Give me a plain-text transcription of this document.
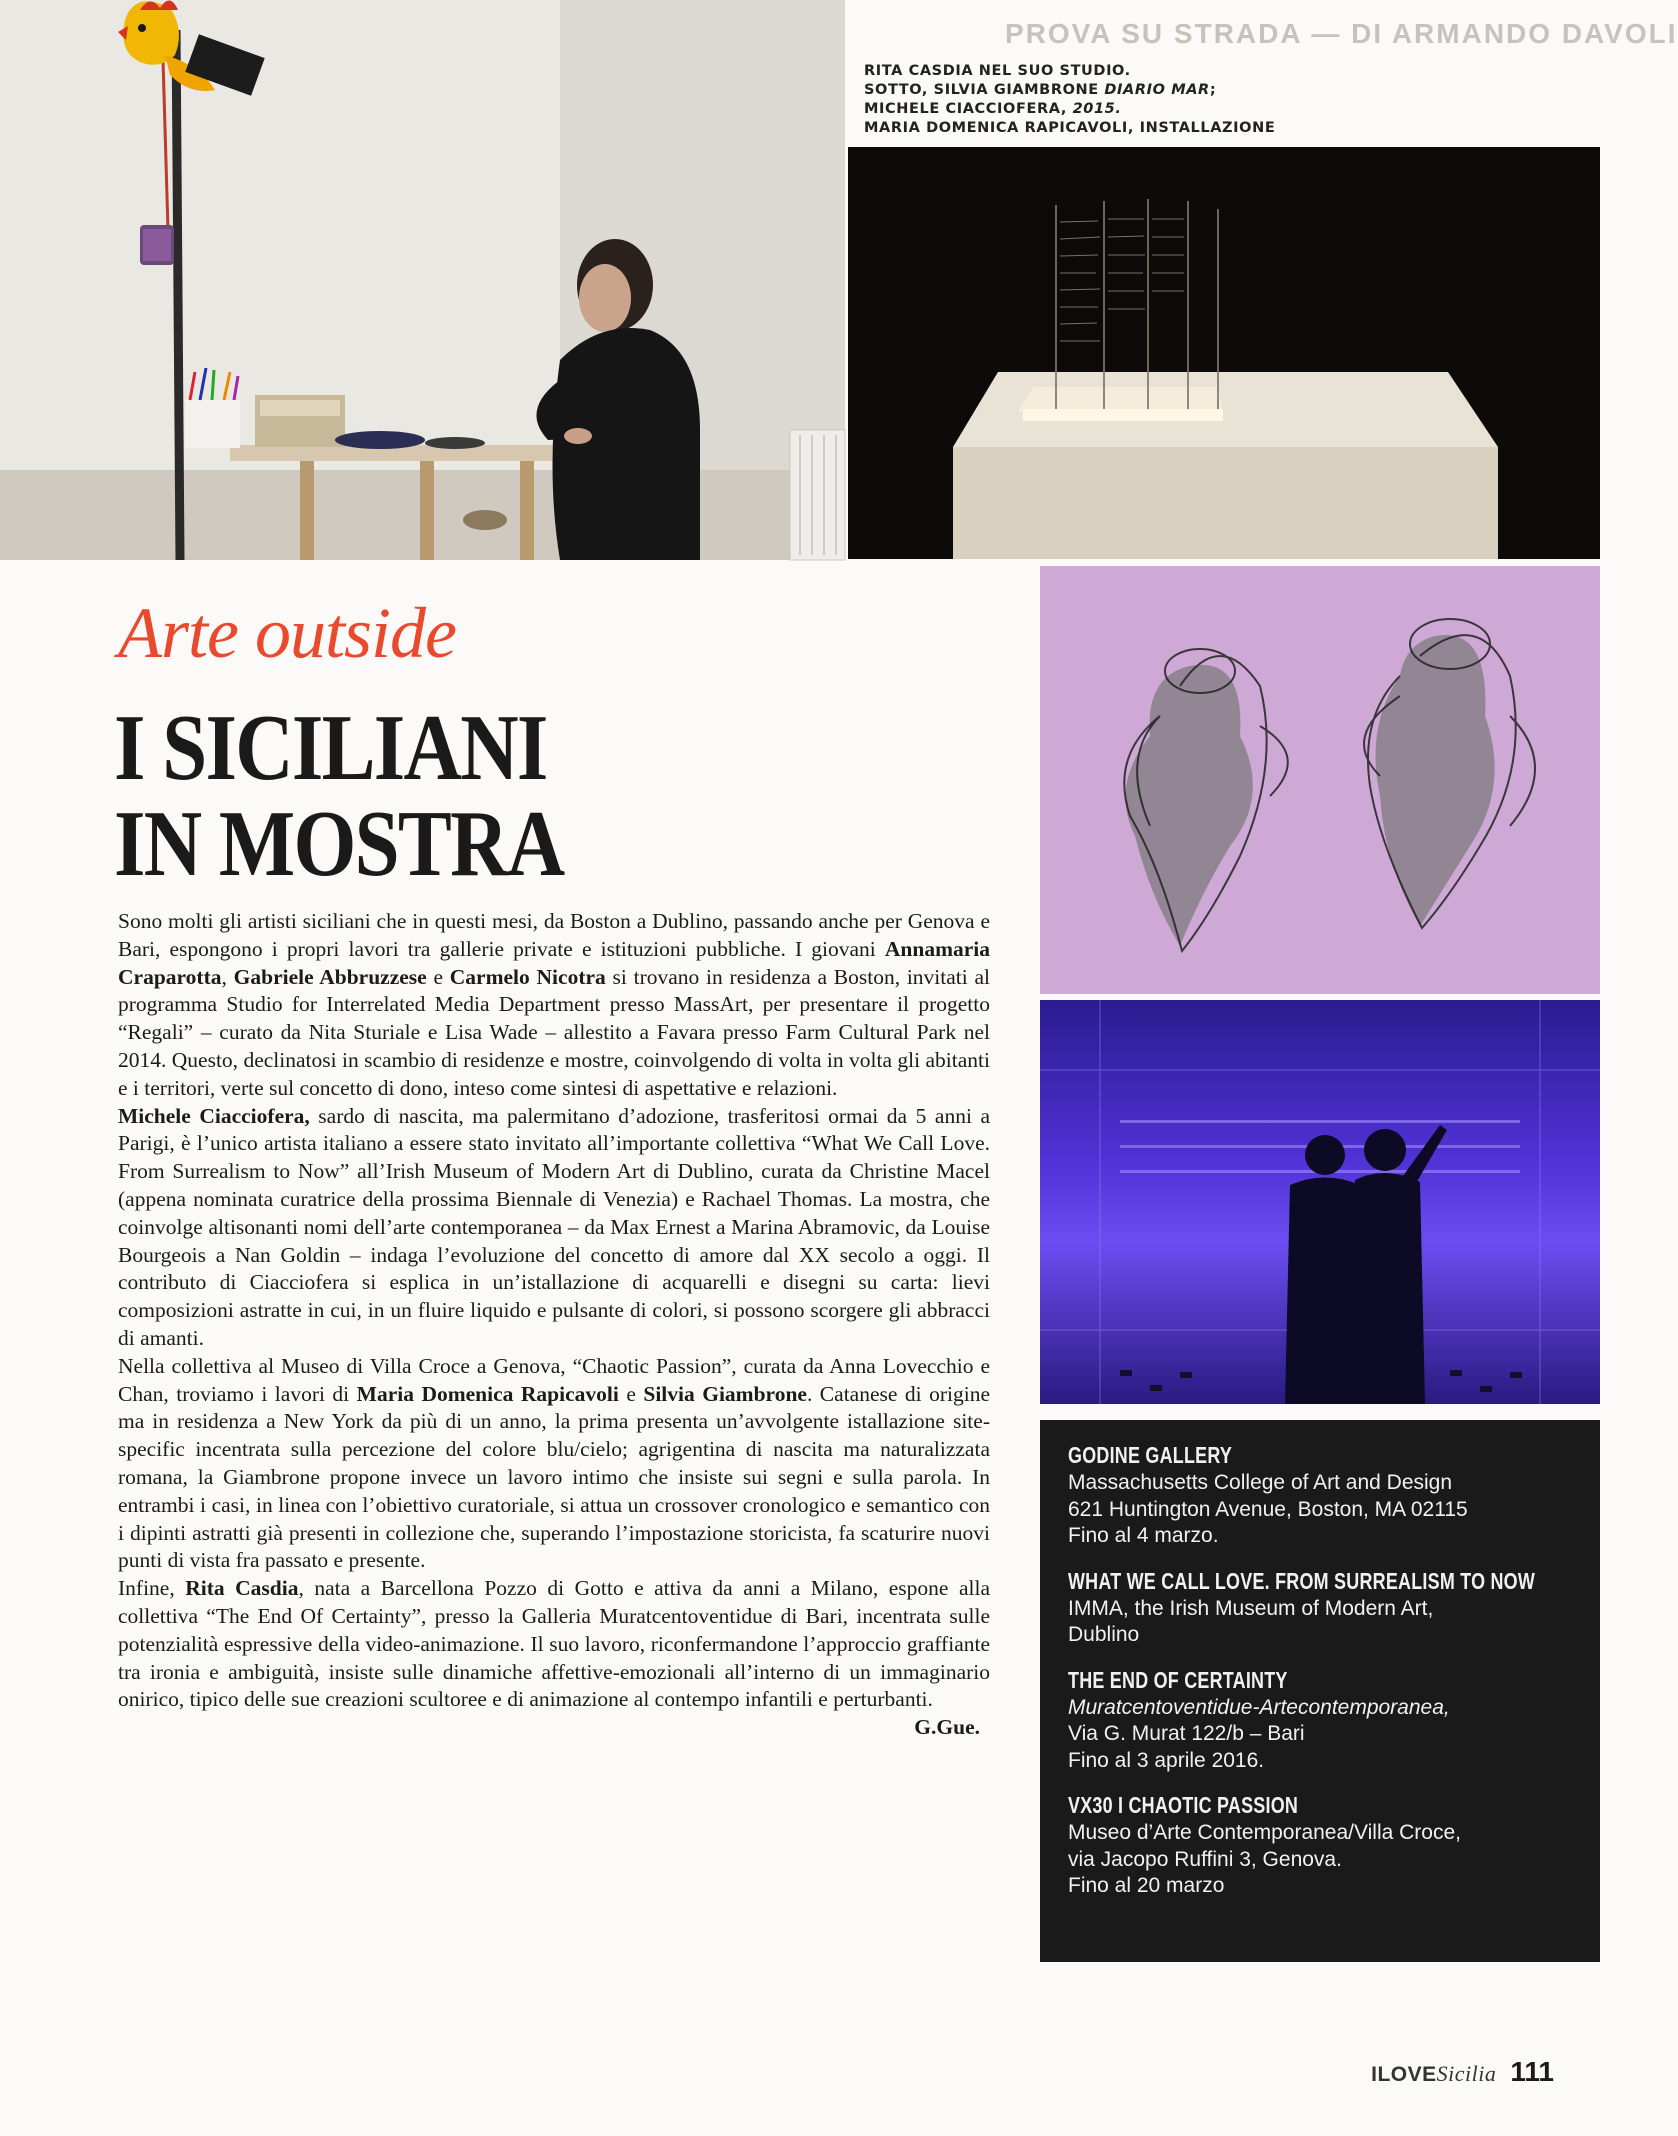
PROVA SU STRADA — DI ARMANDO DAVOLI
RITA CASDIA NEL SUO STUDIO.
SOTTO, SILVIA GIAMBRONE DIARIO MAR;
MICHELE CIACCIOFERA, 2015.
MARIA DOMENICA RAPICAVOLI, INSTALLAZIONE
Arte outside
I SICILIANI
IN MOSTRA

Sono molti gli artisti siciliani che in questi mesi, da Boston a Dublino, passando anche per Genova e Bari, espongono i propri lavori tra gallerie private e istituzioni pubbliche. I giovani Annamaria Craparotta, Gabriele Abbruzzese e Carmelo Nicotra si trovano in residenza a Boston, invitati al programma Studio for Interrelated Media Department presso MassArt, per presentare il progetto “Regali” – curato da Nita Sturiale e Lisa Wade – allestito a Favara presso Farm Cultural Park nel 2014. Questo, declinatosi in scambio di residenze e mostre, coinvolgendo di volta in volta gli abitanti e i territori, verte sul concetto di dono, inteso come sintesi di aspettative e relazioni.

Michele Ciacciofera, sardo di nascita, ma palermitano d’adozione, trasferitosi ormai da 5 anni a Parigi, è l’unico artista italiano a essere stato invitato all’importante collettiva “What We Call Love. From Surrealism to Now” all’Irish Museum of Modern Art di Dublino, curata da Christine Macel (appena nominata curatrice della prossima Biennale di Venezia) e Rachael Thomas. La mostra, che coinvolge altisonanti nomi dell’arte contemporanea – da Max Ernest a Marina Abramovic, da Louise Bourgeois a Nan Goldin – indaga l’evoluzione del concetto di amore dal XX secolo a oggi. Il contributo di Ciacciofera si esplica in un’istallazione di acquarelli e disegni su carta: lievi composizioni astratte in cui, in un fluire liquido e pulsante di colori, si possono scorgere gli abbracci di amanti.

Nella collettiva al Museo di Villa Croce a Genova, “Chaotic Passion”, curata da Anna Lovecchio e Chan, troviamo i lavori di Maria Domenica Rapicavoli e Silvia Giambrone. Catanese di origine ma in residenza a New York da più di un anno, la prima presenta un’avvolgente istallazione site-specific incentrata sulla percezione del colore blu/cielo; agrigentina di nascita ma naturalizzata romana, la Giambrone propone invece un lavoro intimo che insiste sui segni e sulla parola. In entrambi i casi, in linea con l’obiettivo curatoriale, si attua un crossover cronologico e semantico con i dipinti astratti già presenti in collezione che, superando l’impostazione storicista, fa scaturire nuovi punti di vista fra passato e presente.

Infine, Rita Casdia, nata a Barcellona Pozzo di Gotto e attiva da anni a Milano, espone alla collettiva “The End Of Certainty”, presso la Galleria Muratcentoventidue di Bari, incentrata sulle potenzialità espressive della video-animazione. Il suo lavoro, riconfermandone l’approccio graffiante tra ironia e ambiguità, insiste sulle dinamiche affettive-emozionali all’interno di un immaginario onirico, tipico delle sue creazioni scultoree e di animazione al contempo infantili e perturbanti.
G.Gue.

GODINE GALLERY
Massachusetts College of Art and Design
621 Huntington Avenue, Boston, MA 02115
Fino al 4 marzo.
WHAT WE CALL LOVE. FROM SURREALISM TO NOW
IMMA, the Irish Museum of Modern Art,
Dublino
THE END OF CERTAINTY
Muratcentoventidue-Artecontemporanea,
Via G. Murat 122/b – Bari
Fino al 3 aprile 2016.
VX30 I CHAOTIC PASSION
Museo d’Arte Contemporanea/Villa Croce,
via Jacopo Ruffini 3, Genova.
Fino al 20 marzo
ILOVESicilia 111
